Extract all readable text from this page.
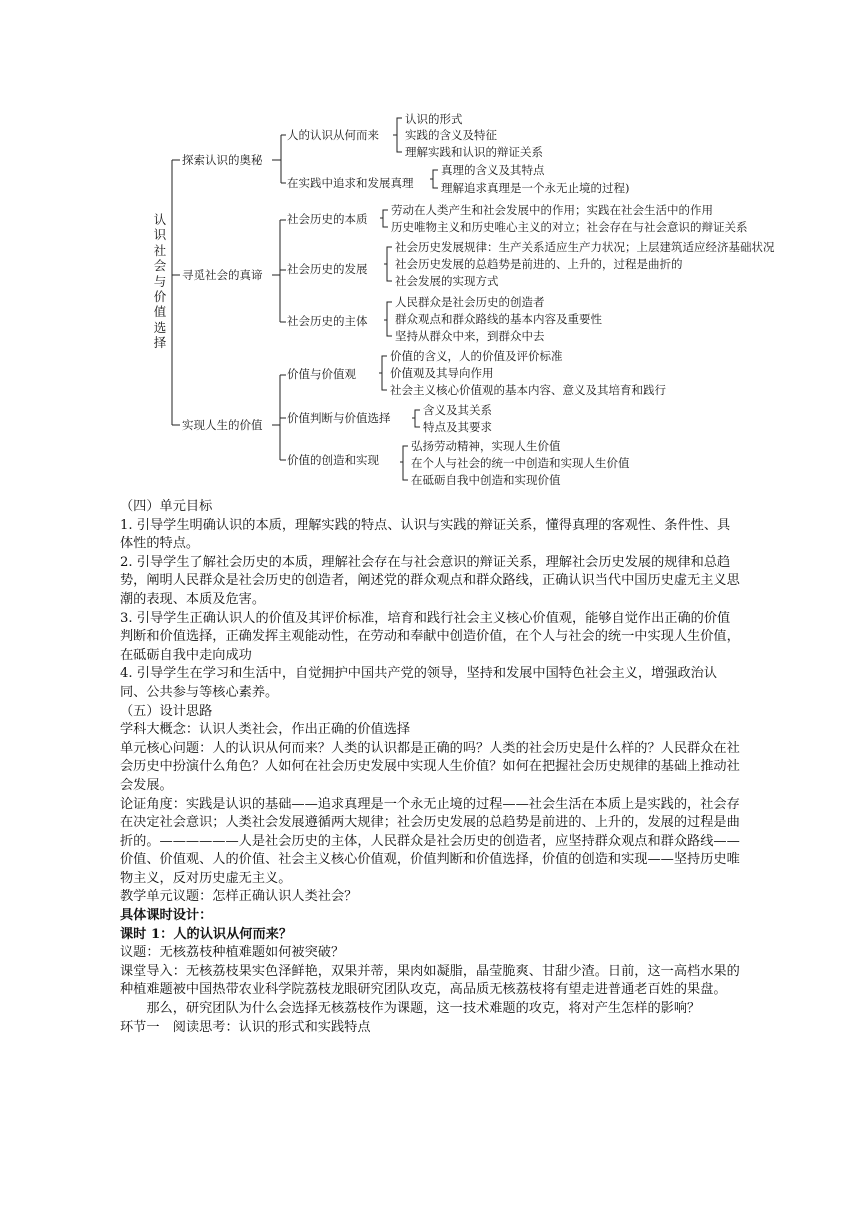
认识社会与价值选择
探索认识的奥秘
人的认识从何而来
认识的形式
实践的含义及特征
理解实践和认识的辩证关系
在实践中追求和发展真理
真理的含义及其特点
理解追求真理是一个永无止境的过程)
寻觅社会的真谛
社会历史的本质
劳动在人类产生和社会发展中的作用；实践在社会生活中的作用
历史唯物主义和历史唯心主义的对立；社会存在与社会意识的辩证关系
社会历史的发展
社会历史发展规律：生产关系适应生产力状况；上层建筑适应经济基础状况
社会历史发展的总趋势是前进的、上升的，过程是曲折的
社会发展的实现方式
社会历史的主体
人民群众是社会历史的创造者
群众观点和群众路线的基本内容及重要性
坚持从群众中来，到群众中去
实现人生的价值
价值与价值观
价值的含义，人的价值及评价标准
价值观及其导向作用
社会主义核心价值观的基本内容、意义及其培育和践行
价值判断与价值选择
含义及其关系
特点及其要求
价值的创造和实现
弘扬劳动精神，实现人生价值
在个人与社会的统一中创造和实现人生价值
在砥砺自我中创造和实现价值

（四）单元目标

1. 引导学生明确认识的本质，理解实践的特点、认识与实践的辩证关系，懂得真理的客观性、条件性、具体性的特点。

2. 引导学生了解社会历史的本质，理解社会存在与社会意识的辩证关系，理解社会历史发展的规律和总趋势，阐明人民群众是社会历史的创造者，阐述党的群众观点和群众路线，正确认识当代中国历史虚无主义思潮的表现、本质及危害。

3. 引导学生正确认识人的价值及其评价标准，培育和践行社会主义核心价值观，能够自觉作出正确的价值判断和价值选择，正确发挥主观能动性，在劳动和奉献中创造价值，在个人与社会的统一中实现人生价值，　在砥砺自我中走向成功

4. 引导学生在学习和生活中，自觉拥护中国共产党的领导，坚持和发展中国特色社会主义，增强政治认同、公共参与等核心素养。

（五）设计思路

学科大概念：认识人类社会，作出正确的价值选择

单元核心问题：人的认识从何而来？人类的认识都是正确的吗？人类的社会历史是什么样的？人民群众在社会历史中扮演什么角色？人如何在社会历史发展中实现人生价值？如何在把握社会历史规律的基础上推动社会发展。

论证角度：实践是认识的基础——追求真理是一个永无止境的过程——社会生活在本质上是实践的，社会存在决定社会意识；人类社会发展遵循两大规律；社会历史发展的总趋势是前进的、上升的，发展的过程是曲折的。——————人是社会历史的主体，人民群众是社会历史的创造者，应坚持群众观点和群众路线——价值、价值观、人的价值、社会主义核心价值观，价值判断和价值选择，价值的创造和实现——坚持历史唯物主义，反对历史虚无主义。

教学单元议题：怎样正确认识人类社会？

具体课时设计：

课时 1：人的认识从何而来？

议题：无核荔枝种植难题如何被突破？

课堂导入：无核荔枝果实色泽鲜艳，双果并蒂，果肉如凝脂，晶莹脆爽、甘甜少渣。日前，这一高档水果的种植难题被中国热带农业科学院荔枝龙眼研究团队攻克，高品质无核荔枝将有望走进普通老百姓的果盘。

　　那么，研究团队为什么会选择无核荔枝作为课题，这一技术难题的攻克，将对产生怎样的影响？

环节一　阅读思考：认识的形式和实践特点
